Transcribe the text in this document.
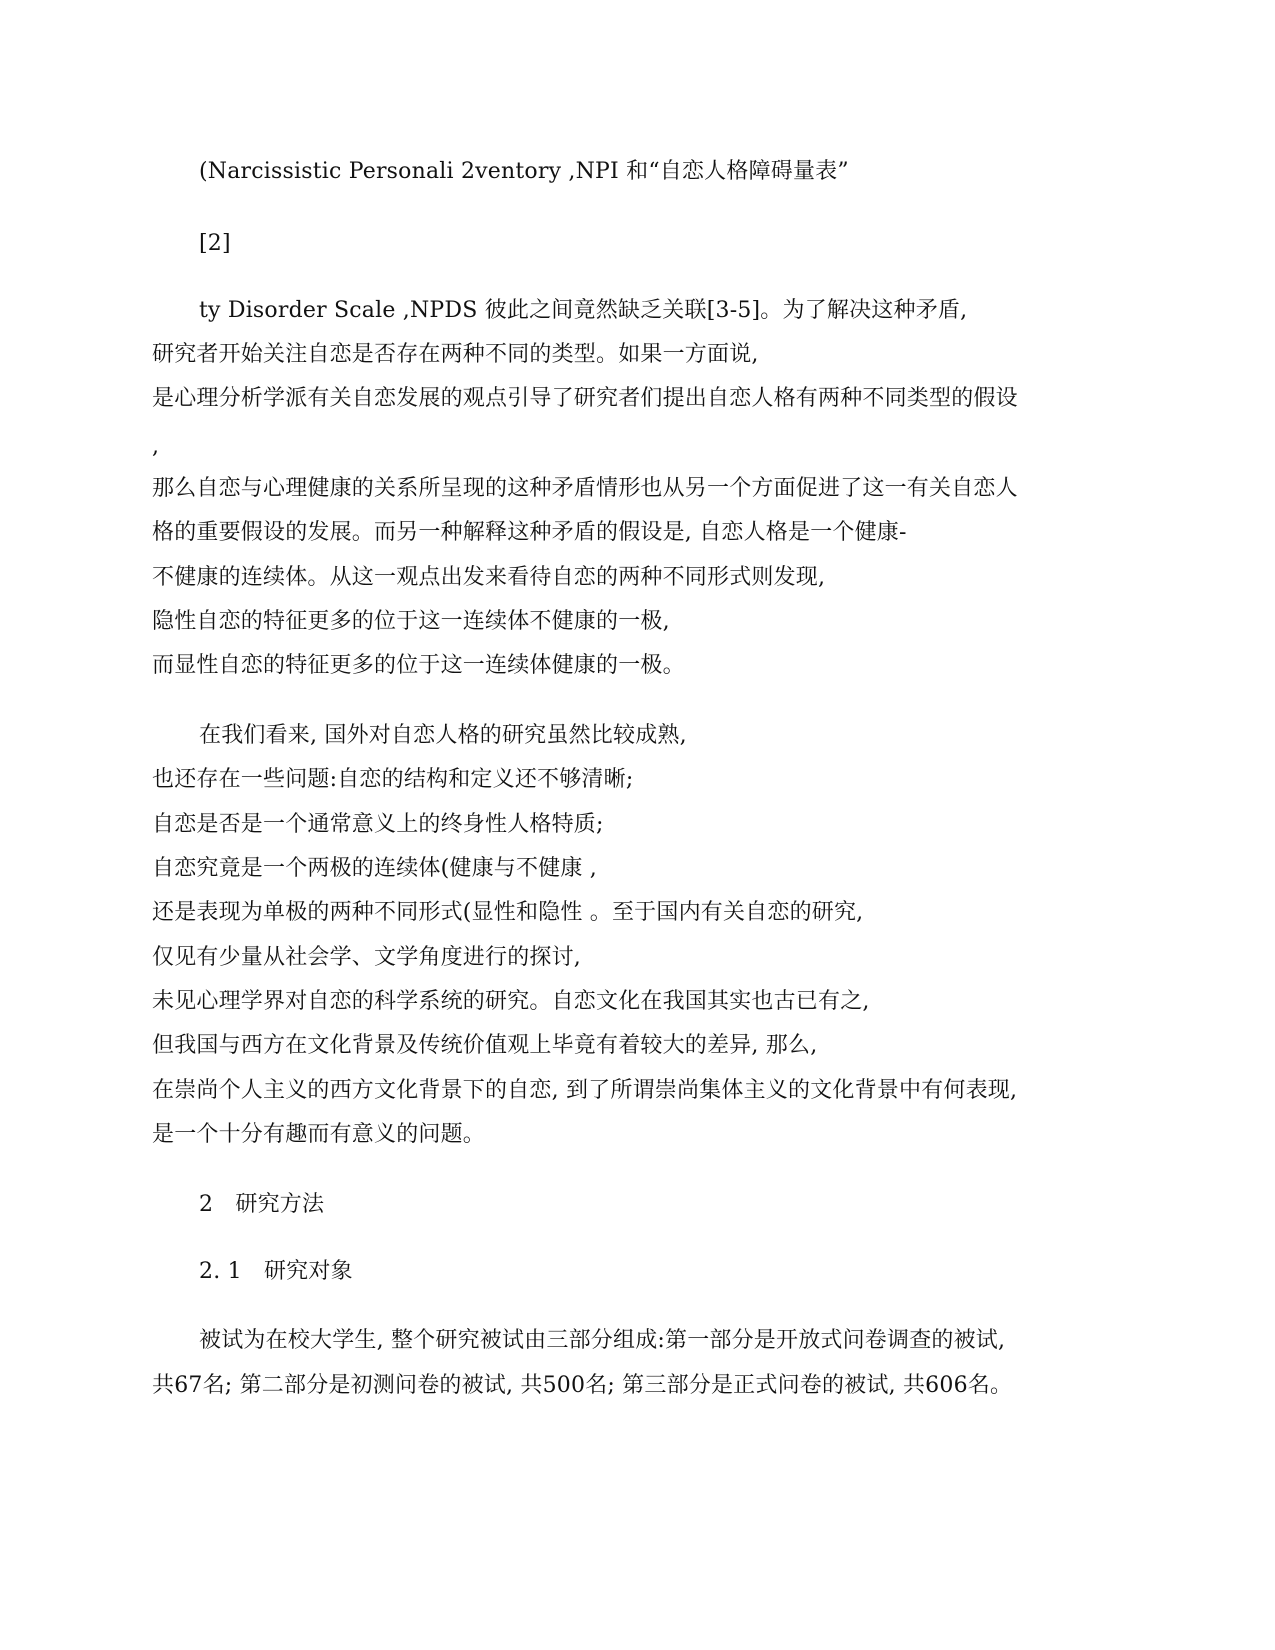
(Narcissistic Personali 2ventory ,NPI 和“自恋人格障碍量表”
[2]
ty Disorder Scale ,NPDS 彼此之间竟然缺乏关联[3-5]。为了解决这种矛盾,
研究者开始关注自恋是否存在两种不同的类型。如果一方面说,
是心理分析学派有关自恋发展的观点引导了研究者们提出自恋人格有两种不同类型的假设
,
那么自恋与心理健康的关系所呈现的这种矛盾情形也从另一个方面促进了这一有关自恋人
格的重要假设的发展。而另一种解释这种矛盾的假设是, 自恋人格是一个健康-
不健康的连续体。从这一观点出发来看待自恋的两种不同形式则发现,
隐性自恋的特征更多的位于这一连续体不健康的一极,
而显性自恋的特征更多的位于这一连续体健康的一极。
在我们看来, 国外对自恋人格的研究虽然比较成熟,
也还存在一些问题:自恋的结构和定义还不够清晰;
自恋是否是一个通常意义上的终身性人格特质;
自恋究竟是一个两极的连续体(健康与不健康 ,
还是表现为单极的两种不同形式(显性和隐性 。至于国内有关自恋的研究,
仅见有少量从社会学、文学角度进行的探讨,
未见心理学界对自恋的科学系统的研究。自恋文化在我国其实也古已有之,
但我国与西方在文化背景及传统价值观上毕竟有着较大的差异, 那么,
在崇尚个人主义的西方文化背景下的自恋, 到了所谓崇尚集体主义的文化背景中有何表现,
是一个十分有趣而有意义的问题。
2　研究方法
2. 1　研究对象
被试为在校大学生, 整个研究被试由三部分组成:第一部分是开放式问卷调查的被试,
共67名; 第二部分是初测问卷的被试, 共500名; 第三部分是正式问卷的被试, 共606名。
